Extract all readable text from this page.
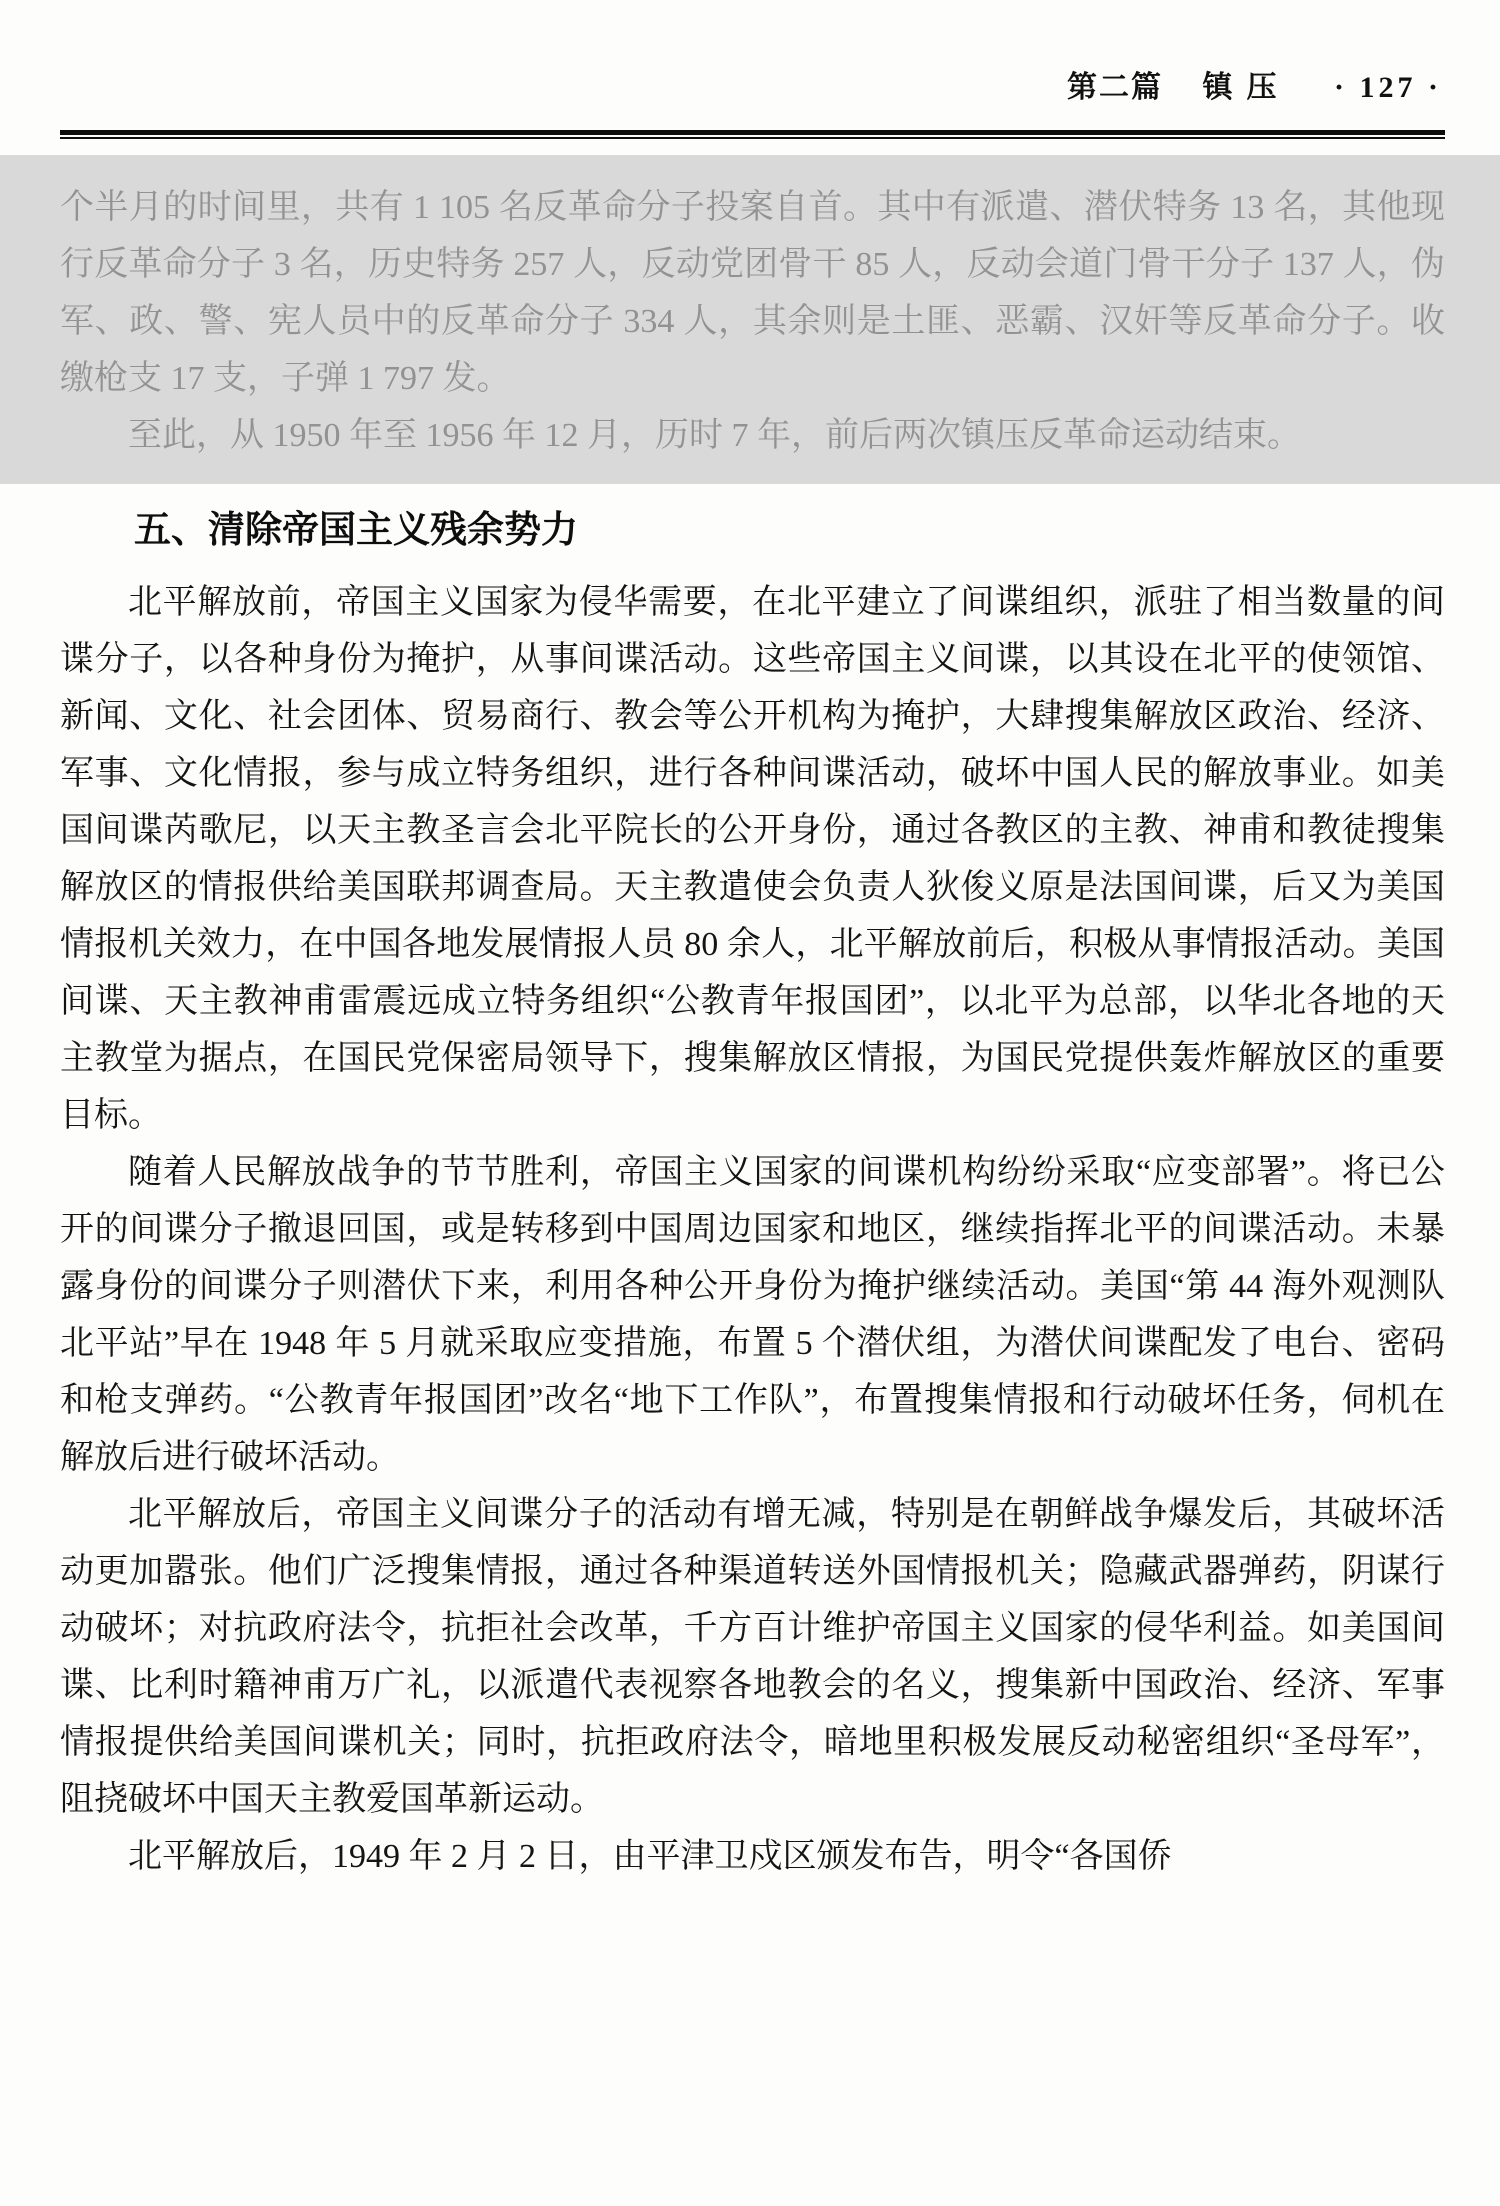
第二篇 镇压 · 127 ·

个半月的时间里，共有 1 105 名反革命分子投案自首。其中有派遣、潜伏特务 13 名，其他现行反革命分子 3 名，历史特务 257 人，反动党团骨干 85 人，反动会道门骨干分子 137 人，伪军、政、警、宪人员中的反革命分子 334 人，其余则是土匪、恶霸、汉奸等反革命分子。收缴枪支 17 支，子弹 1 797 发。

至此，从 1950 年至 1956 年 12 月，历时 7 年，前后两次镇压反革命运动结束。

五、清除帝国主义残余势力

北平解放前，帝国主义国家为侵华需要，在北平建立了间谍组织，派驻了相当数量的间谍分子，以各种身份为掩护，从事间谍活动。这些帝国主义间谍，以其设在北平的使领馆、新闻、文化、社会团体、贸易商行、教会等公开机构为掩护，大肆搜集解放区政治、经济、军事、文化情报，参与成立特务组织，进行各种间谍活动，破坏中国人民的解放事业。如美国间谍芮歌尼，以天主教圣言会北平院长的公开身份，通过各教区的主教、神甫和教徒搜集解放区的情报供给美国联邦调查局。天主教遣使会负责人狄俊义原是法国间谍，后又为美国情报机关效力，在中国各地发展情报人员 80 余人，北平解放前后，积极从事情报活动。美国间谍、天主教神甫雷震远成立特务组织“公教青年报国团”，以北平为总部，以华北各地的天主教堂为据点，在国民党保密局领导下，搜集解放区情报，为国民党提供轰炸解放区的重要目标。

随着人民解放战争的节节胜利，帝国主义国家的间谍机构纷纷采取“应变部署”。将已公开的间谍分子撤退回国，或是转移到中国周边国家和地区，继续指挥北平的间谍活动。未暴露身份的间谍分子则潜伏下来，利用各种公开身份为掩护继续活动。美国“第 44 海外观测队北平站”早在 1948 年 5 月就采取应变措施，布置 5 个潜伏组，为潜伏间谍配发了电台、密码和枪支弹药。“公教青年报国团”改名“地下工作队”，布置搜集情报和行动破坏任务，伺机在解放后进行破坏活动。

北平解放后，帝国主义间谍分子的活动有增无减，特别是在朝鲜战争爆发后，其破坏活动更加嚣张。他们广泛搜集情报，通过各种渠道转送外国情报机关；隐藏武器弹药，阴谋行动破坏；对抗政府法令，抗拒社会改革，千方百计维护帝国主义国家的侵华利益。如美国间谍、比利时籍神甫万广礼，以派遣代表视察各地教会的名义，搜集新中国政治、经济、军事情报提供给美国间谍机关；同时，抗拒政府法令，暗地里积极发展反动秘密组织“圣母军”，阻挠破坏中国天主教爱国革新运动。

北平解放后，1949 年 2 月 2 日，由平津卫戍区颁发布告，明令“各国侨
